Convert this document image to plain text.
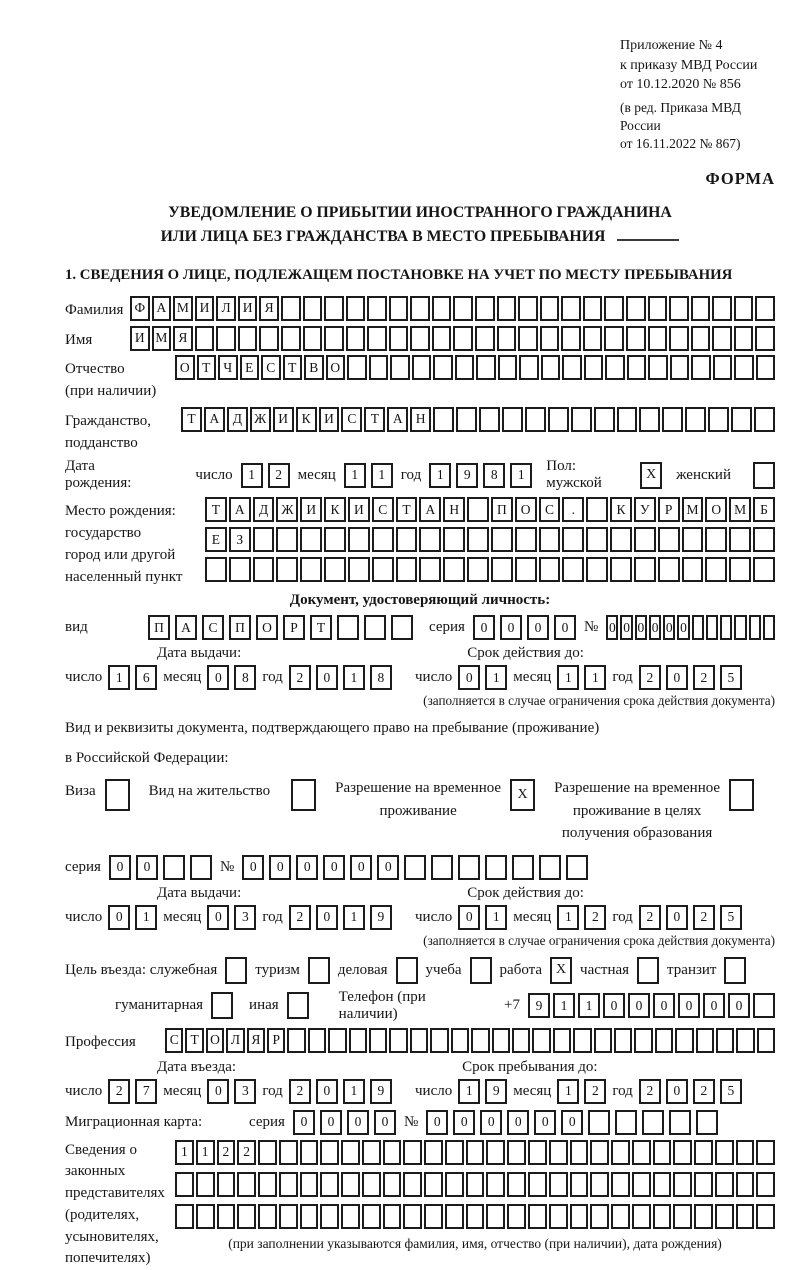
Приложение № 4
к приказу МВД России
от 10.12.2020 № 856
(в ред. Приказа МВД России
от 16.11.2022 № 867)
ФОРМА
УВЕДОМЛЕНИЕ О ПРИБЫТИИ ИНОСТРАННОГО ГРАЖДАНИНА
ИЛИ ЛИЦА БЕЗ ГРАЖДАНСТВА В МЕСТО ПРЕБЫВАНИЯ
1. СВЕДЕНИЯ О ЛИЦЕ, ПОДЛЕЖАЩЕМ ПОСТАНОВКЕ НА УЧЕТ ПО МЕСТУ ПРЕБЫВАНИЯ
Фамилия Ф А М И Л И Я
Имя	И М Я
Отчество
(при наличии)
О Т Ч Е С Т В О
Гражданство,
подданство
Т	А Д Ж И	К	И	С	Т	А Н
Дата рождения:
число	1	2	месяц	1	1	год	1	9	8	1
Пол: мужской
X	женский
Место рождения:
государство
город или другой
населенный пункт
Т	А	Д Ж И	К	И	С	Т	А	Н	П	О	С	.	К	У	Р	М О М	Б
Е	З
Документ, удостоверяющий личность:
вид	П	А	С	П	О	Р	Т	серия	0	0	0	0	№ 0 0 0 0 0 0
Дата выдачи:	Срок действия до:
число	1	6 месяц	0	8 год	2	0	1	8	число	0	1 месяц	1	1 год	2	0	2	5
(заполняется в случае ограничения срока действия документа)
Вид и реквизиты документа, подтверждающего право на пребывание (проживание)
в Российской Федерации:
Виза	Вид на жительство	Разрешение на временное
проживание
X	Разрешение на временное
проживание в целях
получения образования
серия	0	0	№	0	0	0	0	0	0
Дата выдачи:	Срок действия до:
число	0	1 месяц	0	3 год	2	0	1	9	число	0	1 месяц	1	2 год	2	0	2	5
(заполняется в случае ограничения срока действия документа)
Цель въезда: служебная	туризм	деловая	учеба	работа X частная	транзит
гуманитарная	иная
Телефон (при наличии)
+7	9	1	1	0	0	0	0	0	0
Профессия	С Т О Л Я Р
Дата въезда:	Срок пребывания до:
число	2	7 месяц	0	3 год	2	0	1	9	число	1	9 месяц	1	2 год	2	0	2	5
Миграционная карта:	серия	0	0	0	0	№	0	0	0	0	0	0
Сведения о
законных
представителях
(родителях,
усыновителях,
попечителях)
1	1	2	2
(при заполнении указываются фамилия, имя, отчество (при наличии), дата рождения)
